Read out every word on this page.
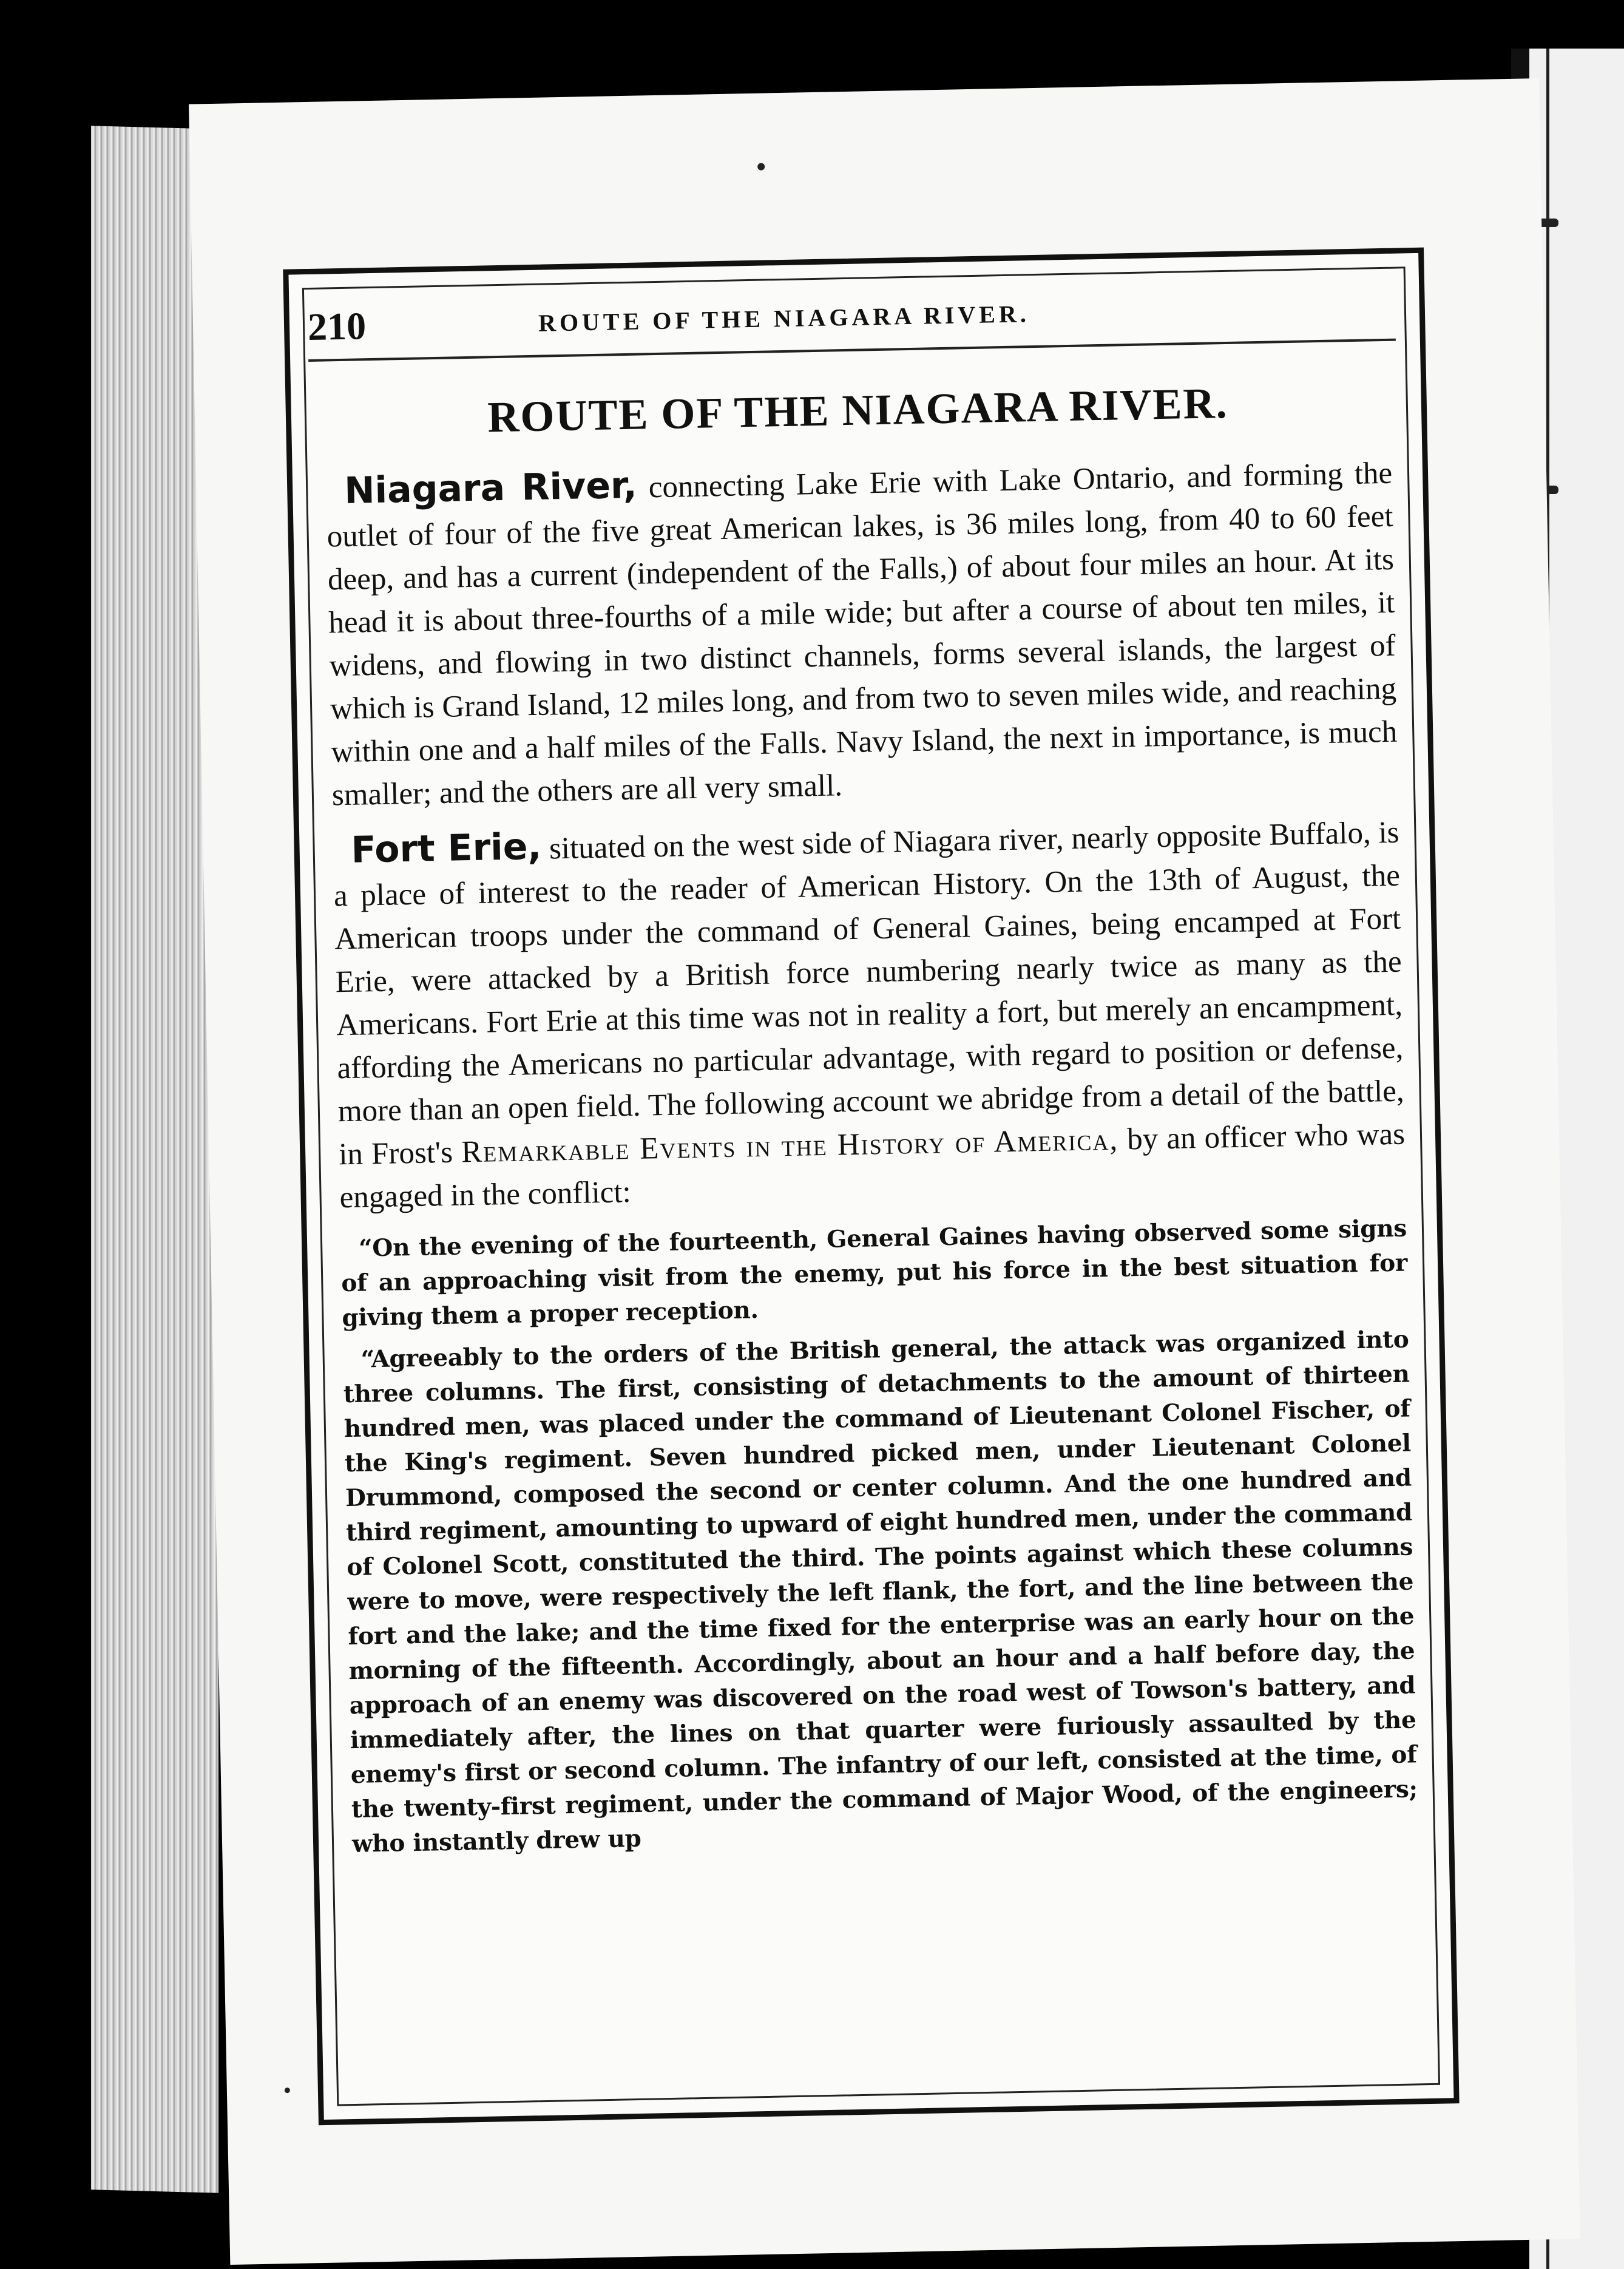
210	ROUTE OF THE NIAGARA RIVER.
ROUTE OF THE NIAGARA RIVER.

Niagara River, connecting Lake Erie with Lake Ontario, and forming the outlet of four of the five great American lakes, is 36 miles long, from 40 to 60 feet deep, and has a current (independent of the Falls,) of about four miles an hour. At its head it is about three-fourths of a mile wide; but after a course of about ten miles, it widens, and flowing in two distinct channels, forms several islands, the largest of which is Grand Island, 12 miles long, and from two to seven miles wide, and reaching within one and a half miles of the Falls. Navy Island, the next in importance, is much smaller; and the others are all very small.

Fort Erie, situated on the west side of Niagara river, nearly opposite Buffalo, is a place of interest to the reader of American History. On the 13th of August, the American troops under the command of General Gaines, being encamped at Fort Erie, were attacked by a British force numbering nearly twice as many as the Americans. Fort Erie at this time was not in reality a fort, but merely an encampment, affording the Americans no particular advantage, with regard to position or defense, more than an open field. The following account we abridge from a detail of the battle, in Frost's Remarkable Events in the History of America, by an officer who was engaged in the conflict:

“On the evening of the fourteenth, General Gaines having observed some signs of an approaching visit from the enemy, put his force in the best situation for giving them a proper reception.

“Agreeably to the orders of the British general, the attack was organized into three columns. The first, consisting of detachments to the amount of thirteen hundred men, was placed under the command of Lieutenant Colonel Fischer, of the King's regiment. Seven hundred picked men, under Lieutenant Colonel Drummond, composed the second or center column. And the one hundred and third regiment, amounting to upward of eight hundred men, under the command of Colonel Scott, constituted the third. The points against which these columns were to move, were respectively the left flank, the fort, and the line between the fort and the lake; and the time fixed for the enterprise was an early hour on the morning of the fifteenth. Accordingly, about an hour and a half before day, the approach of an enemy was discovered on the road west of Towson's battery, and immediately after, the lines on that quarter were furiously assaulted by the enemy's first or second column. The infantry of our left, consisted at the time, of the twenty-first regiment, under the command of Major Wood, of the engineers; who instantly drew up
